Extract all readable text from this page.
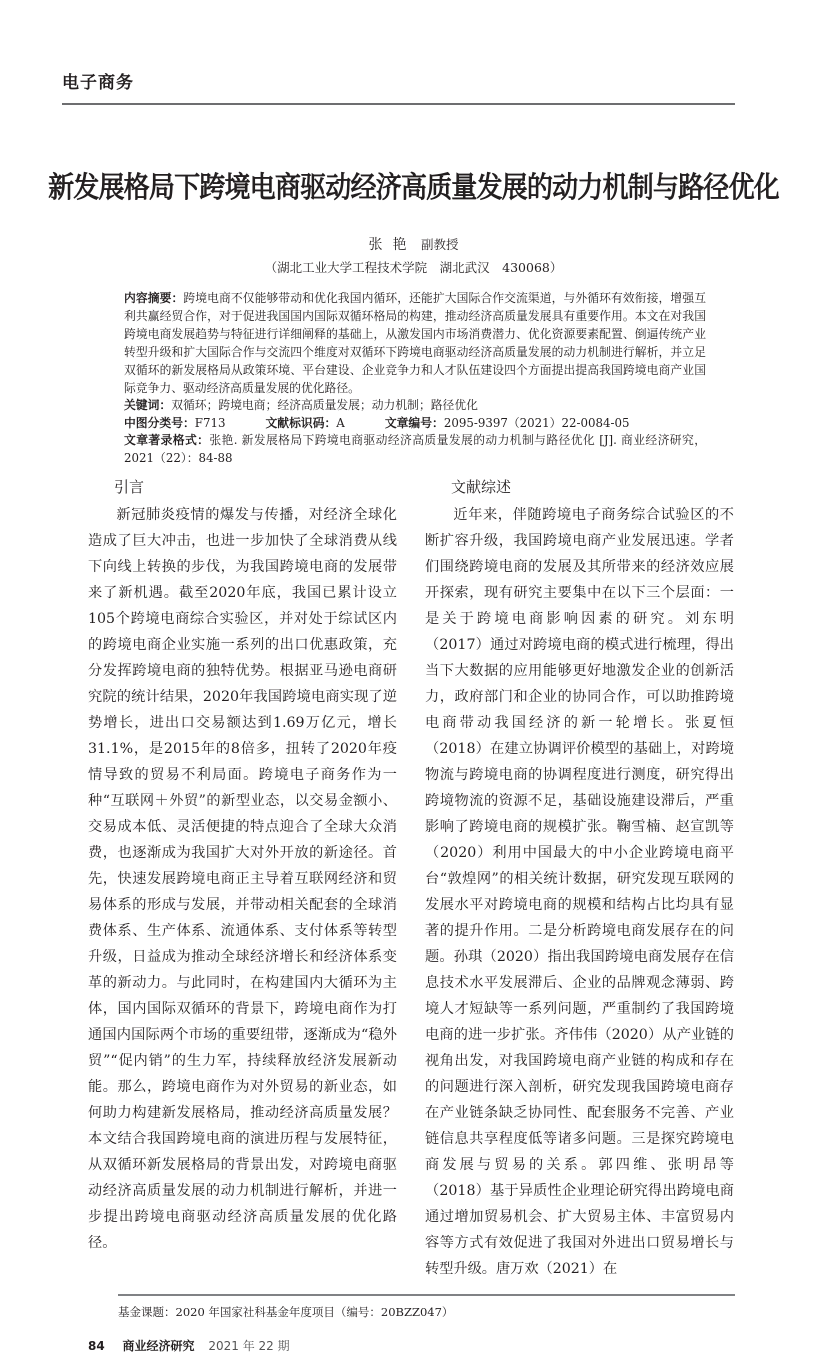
电子商务
新发展格局下跨境电商驱动经济高质量发展的动力机制与路径优化
张艳 副教授
（湖北工业大学工程技术学院　湖北武汉　430068）
内容摘要：跨境电商不仅能够带动和优化我国内循环，还能扩大国际合作交流渠道，与外循环有效衔接，增强互利共赢经贸合作，对于促进我国国内国际双循环格局的构建，推动经济高质量发展具有重要作用。本文在对我国跨境电商发展趋势与特征进行详细阐释的基础上，从激发国内市场消费潜力、优化资源要素配置、倒逼传统产业转型升级和扩大国际合作与交流四个维度对双循环下跨境电商驱动经济高质量发展的动力机制进行解析，并立足双循环的新发展格局从政策环境、平台建设、企业竞争力和人才队伍建设四个方面提出提高我国跨境电商产业国际竞争力、驱动经济高质量发展的优化路径。
关键词：双循环；跨境电商；经济高质量发展；动力机制；路径优化
中图分类号：F713	文献标识码：A	文章编号：2095-9397（2021）22-0084-05
文章著录格式：张艳. 新发展格局下跨境电商驱动经济高质量发展的动力机制与路径优化 [J]. 商业经济研究，2021（22）：84-88
引言

新冠肺炎疫情的爆发与传播，对经济全球化造成了巨大冲击，也进一步加快了全球消费从线下向线上转换的步伐，为我国跨境电商的发展带来了新机遇。截至2020年底，我国已累计设立105个跨境电商综合实验区，并对处于综试区内的跨境电商企业实施一系列的出口优惠政策，充分发挥跨境电商的独特优势。根据亚马逊电商研究院的统计结果，2020年我国跨境电商实现了逆势增长，进出口交易额达到1.69万亿元，增长31.1%，是2015年的8倍多，扭转了2020年疫情导致的贸易不利局面。跨境电子商务作为一种“互联网＋外贸”的新型业态，以交易金额小、交易成本低、灵活便捷的特点迎合了全球大众消费，也逐渐成为我国扩大对外开放的新途径。首先，快速发展跨境电商正主导着互联网经济和贸易体系的形成与发展，并带动相关配套的全球消费体系、生产体系、流通体系、支付体系等转型升级，日益成为推动全球经济增长和经济体系变革的新动力。与此同时，在构建国内大循环为主体，国内国际双循环的背景下，跨境电商作为打通国内国际两个市场的重要纽带，逐渐成为“稳外贸”“促内销”的生力军，持续释放经济发展新动能。那么，跨境电商作为对外贸易的新业态，如何助力构建新发展格局，推动经济高质量发展？本文结合我国跨境电商的演进历程与发展特征，从双循环新发展格局的背景出发，对跨境电商驱动经济高质量发展的动力机制进行解析，并进一步提出跨境电商驱动经济高质量发展的优化路径。

文献综述

近年来，伴随跨境电子商务综合试验区的不断扩容升级，我国跨境电商产业发展迅速。学者们围绕跨境电商的发展及其所带来的经济效应展开探索，现有研究主要集中在以下三个层面：一是关于跨境电商影响因素的研究。刘东明（2017）通过对跨境电商的模式进行梳理，得出当下大数据的应用能够更好地激发企业的创新活力，政府部门和企业的协同合作，可以助推跨境电商带动我国经济的新一轮增长。张夏恒（2018）在建立协调评价模型的基础上，对跨境物流与跨境电商的协调程度进行测度，研究得出跨境物流的资源不足，基础设施建设滞后，严重影响了跨境电商的规模扩张。鞠雪楠、赵宣凯等（2020）利用中国最大的中小企业跨境电商平台“敦煌网”的相关统计数据，研究发现互联网的发展水平对跨境电商的规模和结构占比均具有显著的提升作用。二是分析跨境电商发展存在的问题。孙琪（2020）指出我国跨境电商发展存在信息技术水平发展滞后、企业的品牌观念薄弱、跨境人才短缺等一系列问题，严重制约了我国跨境电商的进一步扩张。齐伟伟（2020）从产业链的视角出发，对我国跨境电商产业链的构成和存在的问题进行深入剖析，研究发现我国跨境电商存在产业链条缺乏协同性、配套服务不完善、产业链信息共享程度低等诸多问题。三是探究跨境电商发展与贸易的关系。郭四维、张明昂等（2018）基于异质性企业理论研究得出跨境电商通过增加贸易机会、扩大贸易主体、丰富贸易内容等方式有效促进了我国对外进出口贸易增长与转型升级。唐万欢（2021）在

基金课题：2020 年国家社科基金年度项目（编号：20BZZ047）
84 商业经济研究 2021 年 22 期
